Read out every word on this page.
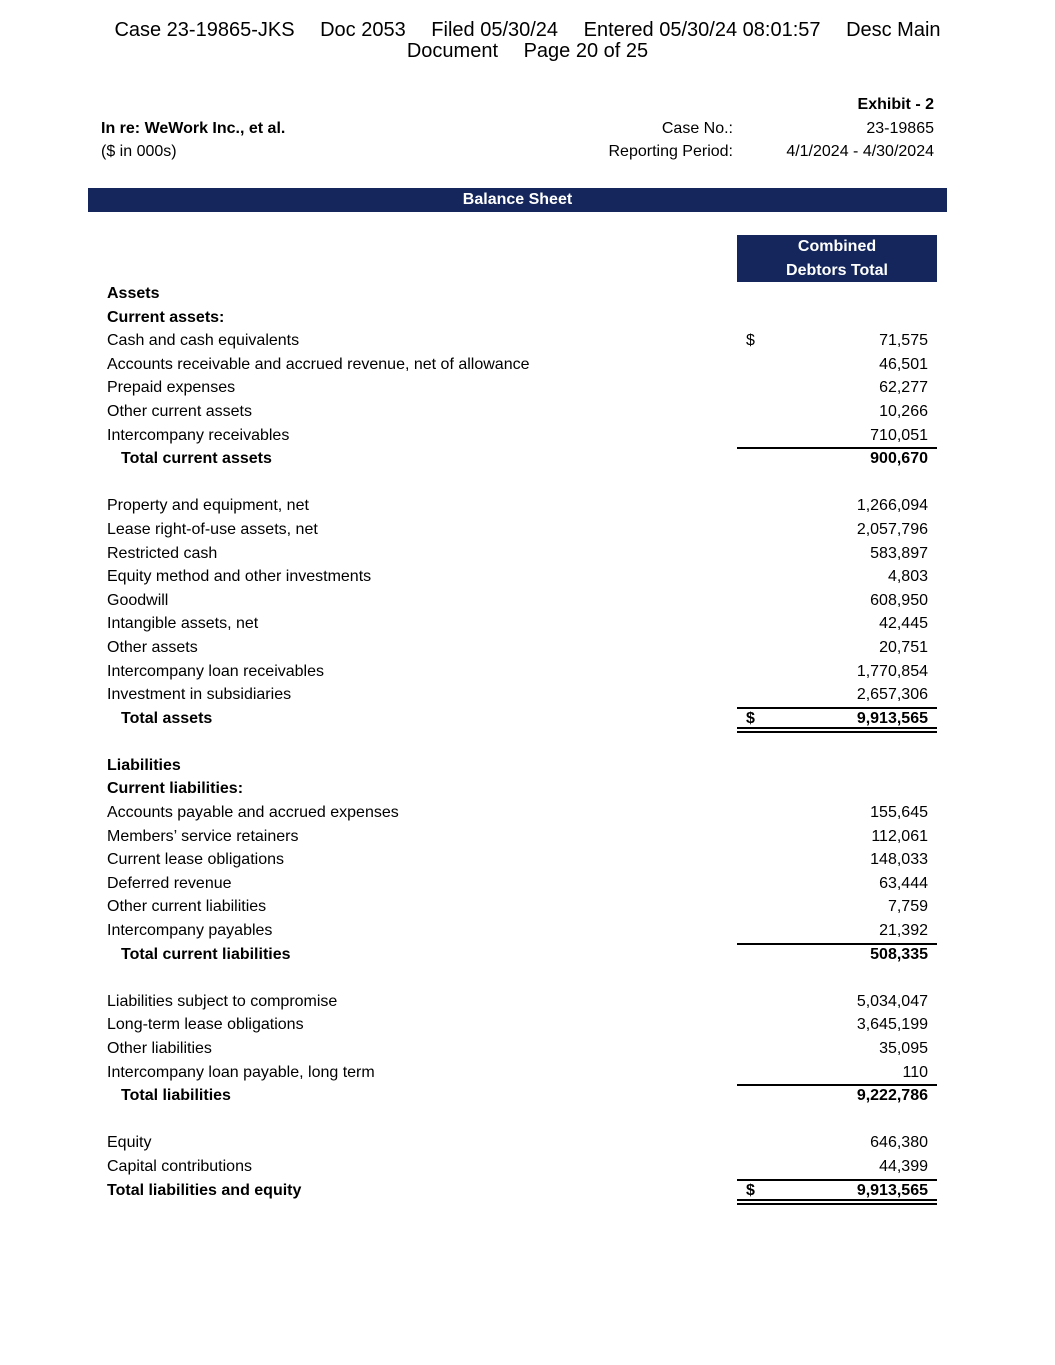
Case 23-19865-JKS Doc 2053 Filed 05/30/24 Entered 05/30/24 08:01:57 Desc Main
Document Page 20 of 25
Exhibit - 2
In re: WeWork Inc., et al.
($ in 000s)
Case No.:	23-19865
Reporting Period:	4/1/2024 - 4/30/2024
Balance Sheet
Combined
Debtors Total
Assets
Current assets:
Cash and cash equivalents	$	71,575
Accounts receivable and accrued revenue, net of allowance	46,501
Prepaid expenses	62,277
Other current assets	10,266
Intercompany receivables	710,051
Total current assets	900,670
Property and equipment, net	1,266,094
Lease right-of-use assets, net	2,057,796
Restricted cash	583,897
Equity method and other investments	4,803
Goodwill	608,950
Intangible assets, net	42,445
Other assets	20,751
Intercompany loan receivables	1,770,854
Investment in subsidiaries	2,657,306
Total assets	$	9,913,565
Liabilities
Current liabilities:
Accounts payable and accrued expenses	155,645
Members’ service retainers	112,061
Current lease obligations	148,033
Deferred revenue	63,444
Other current liabilities	7,759
Intercompany payables	21,392
Total current liabilities	508,335
Liabilities subject to compromise	5,034,047
Long-term lease obligations	3,645,199
Other liabilities	35,095
Intercompany loan payable, long term	110
Total liabilities	9,222,786
Equity	646,380
Capital contributions	44,399
Total liabilities and equity	$	9,913,565
